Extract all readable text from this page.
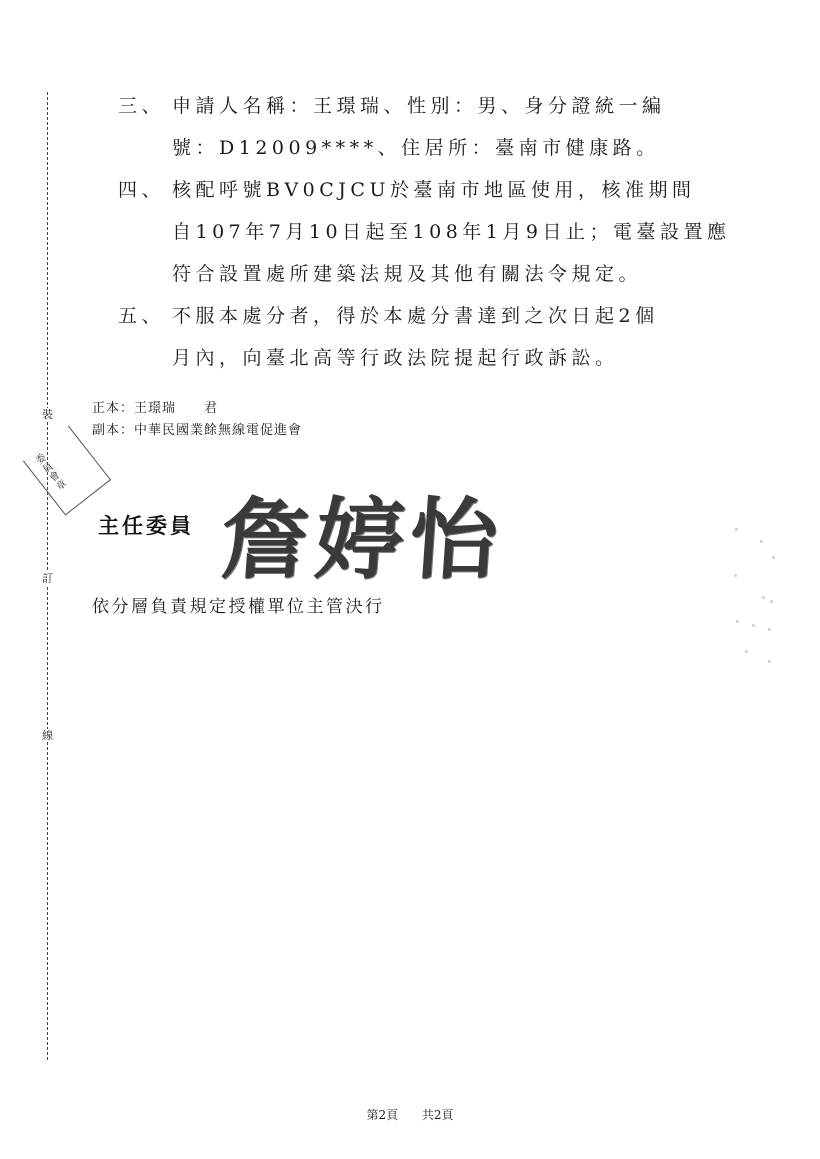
裝
訂
線
三、 申請人名稱：王璟瑞、性別：男、身分證統一編
號：D12009****、住居所：臺南市健康路。
四、 核配呼號BV0CJCU於臺南市地區使用，核准期間
自107年7月10日起至108年1月9日止；電臺設置應
符合設置處所建築法規及其他有關法令規定。
五、 不服本處分者，得於本處分書達到之次日起2個
月內，向臺北高等行政法院提起行政訴訟。
正本：王璟瑞　　君
副本：中華民國業餘無線電促進會
委員會章
主任委員 詹婷怡
依分層負責規定授權單位主管決行
第2頁 共2頁
